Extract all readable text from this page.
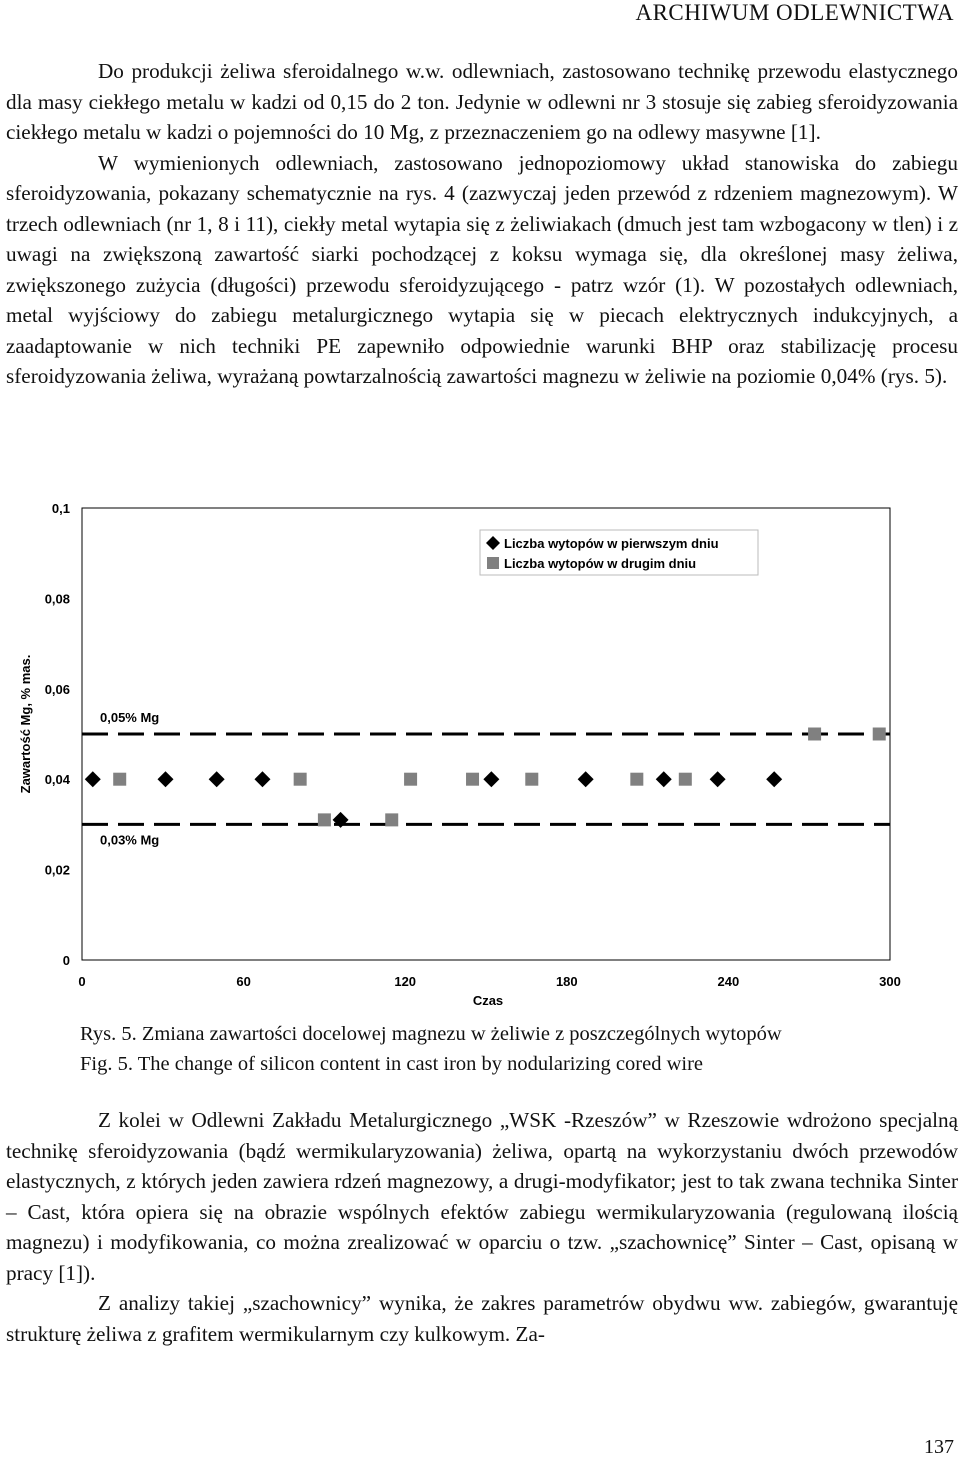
ARCHIWUM ODLEWNICTWA

Do produkcji żeliwa sferoidalnego w.w. odlewniach, zastosowano technikę przewodu elastycznego dla masy ciekłego metalu w kadzi od 0,15 do 2 ton. Jedynie w odlewni nr 3 stosuje się zabieg sferoidyzowania ciekłego metalu w kadzi o pojemności do 10 Mg, z przeznaczeniem go na odlewy masywne [1].

W wymienionych odlewniach, zastosowano jednopoziomowy układ stanowiska do zabiegu sferoidyzowania, pokazany schematycznie na rys. 4 (zazwyczaj jeden przewód z rdzeniem magnezowym). W trzech odlewniach (nr 1, 8 i 11), ciekły metal wytapia się z żeliwiakach (dmuch jest tam wzbogacony w tlen) i z uwagi na zwiększoną zawartość siarki pochodzącej z koksu wymaga się, dla określonej masy żeliwa, zwiększonego zużycia (długości) przewodu sferoidyzującego - patrz wzór (1). W pozostałych odlewniach, metal wyjściowy do zabiegu metalurgicznego wytapia się w piecach elektrycznych indukcyjnych, a zaadaptowanie w nich techniki PE zapewniło odpowiednie warunki BHP oraz stabilizację procesu sferoidyzowania żeliwa, wyrażaną powtarzalnością zawartości magnezu w żeliwie na poziomie 0,04% (rys. 5).

0
0,02
0,04
0,06
0,08
0,1
0	60	120	180	240	300
Czas
Zawartość Mg, % mas.	0,05% Mg
0,03% Mg
Liczba wytopów w pierwszym dniu
Liczba wytopów w drugim dniu
Rys. 5. Zmiana zawartości docelowej magnezu w żeliwie z poszczególnych wytopów
Fig. 5. The change of silicon content in cast iron by nodularizing cored wire

Z kolei w Odlewni Zakładu Metalurgicznego „WSK -Rzeszów” w Rzeszowie wdrożono specjalną technikę sferoidyzowania (bądź wermikularyzowania) żeliwa, opartą na wykorzystaniu dwóch przewodów elastycznych, z których jeden zawiera rdzeń magnezowy, a drugi-modyfikator; jest to tak zwana technika Sinter – Cast, która opiera się na obrazie wspólnych efektów zabiegu wermikularyzowania (regulowaną ilością magnezu) i modyfikowania, co można zrealizować w oparciu o tzw. „szachownicę” Sinter – Cast, opisaną w pracy [1]).

Z analizy takiej „szachownicy” wynika, że zakres parametrów obydwu ww. zabiegów, gwarantuję strukturę żeliwa z grafitem wermikularnym czy kulkowym. Za-

137
